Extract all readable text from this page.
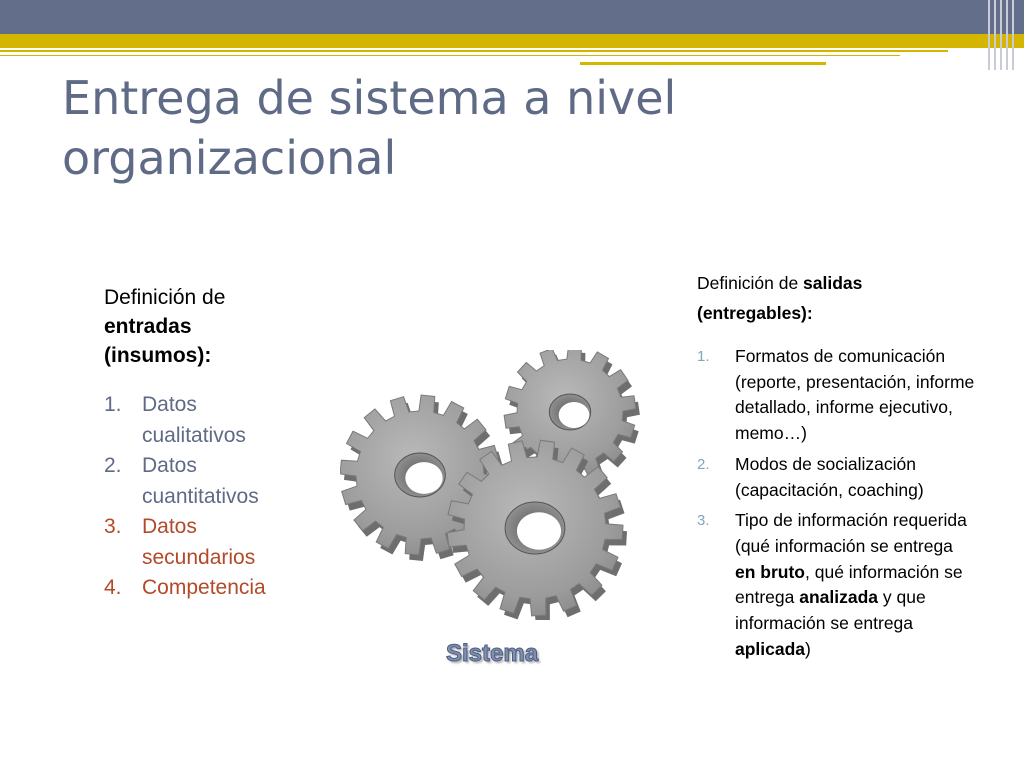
Entrega de sistema a nivel organizacional
Definición de
entradas
(insumos):
1. Datos cualitativos
2. Datos cuantitativos
3. Datos secundarios
4. Competencia
Sistema
Definición de salidas
(entregables):
1.	Formatos de comunicación (reporte, presentación, informe detallado, informe ejecutivo, memo…)
2.	Modos de socialización (capacitación, coaching)
3.	Tipo de información requerida (qué información se entrega en bruto, qué información se entrega analizada y que información se entrega aplicada)
